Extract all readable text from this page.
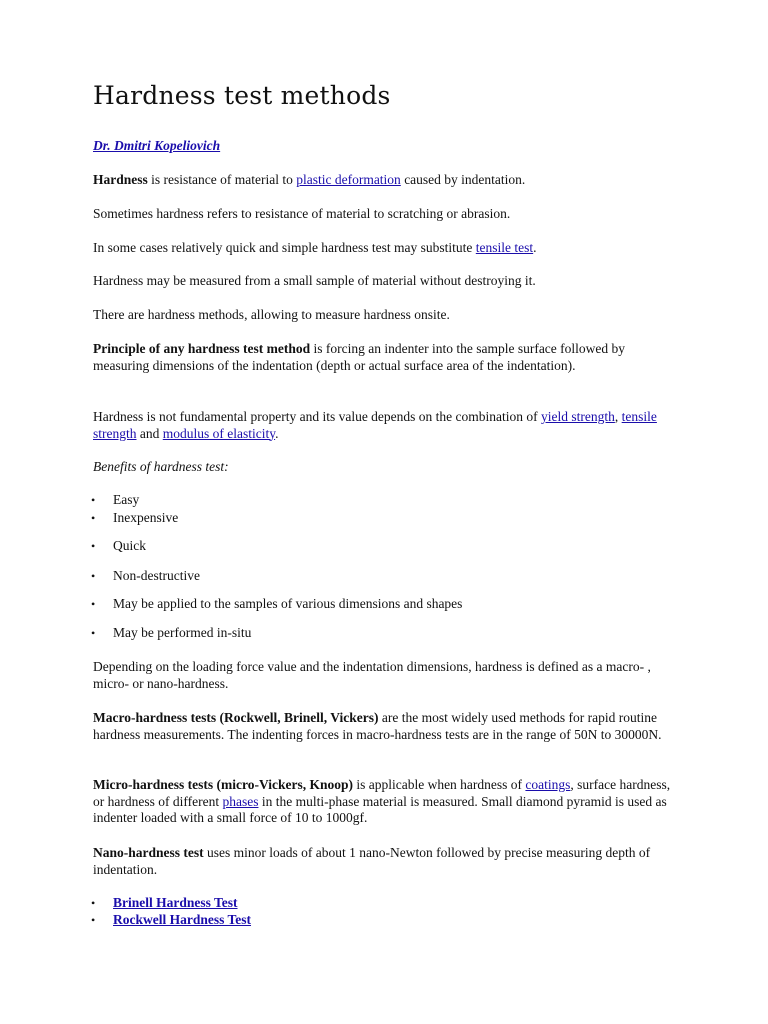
Hardness test methods

Dr. Dmitri Kopeliovich

Hardness is resistance of material to plastic deformation caused by indentation.

Sometimes hardness refers to resistance of material to scratching or abrasion.

In some cases relatively quick and simple hardness test may substitute tensile test.

Hardness may be measured from a small sample of material without destroying it.

There are hardness methods, allowing to measure hardness onsite.

Principle of any hardness test method is forcing an indenter into the sample surface followed by measuring dimensions of the indentation (depth or actual surface area of the indentation).

Hardness is not fundamental property and its value depends on the combination of yield strength, tensile strength and modulus of elasticity.

Benefits of hardness test:

• Easy
• Inexpensive
• Quick
• Non-destructive
• May be applied to the samples of various dimensions and shapes
• May be performed in-situ

Depending on the loading force value and the indentation dimensions, hardness is defined as a macro- , micro- or nano-hardness.

Macro-hardness tests (Rockwell, Brinell, Vickers) are the most widely used methods for rapid routine hardness measurements. The indenting forces in macro-hardness tests are in the range of 50N to 30000N.

Micro-hardness tests (micro-Vickers, Knoop) is applicable when hardness of coatings, surface hardness, or hardness of different phases in the multi-phase material is measured. Small diamond pyramid is used as indenter loaded with a small force of 10 to 1000gf.

Nano-hardness test uses minor loads of about 1 nano-Newton followed by precise measuring depth of indentation.

• Brinell Hardness Test
• Rockwell Hardness Test
